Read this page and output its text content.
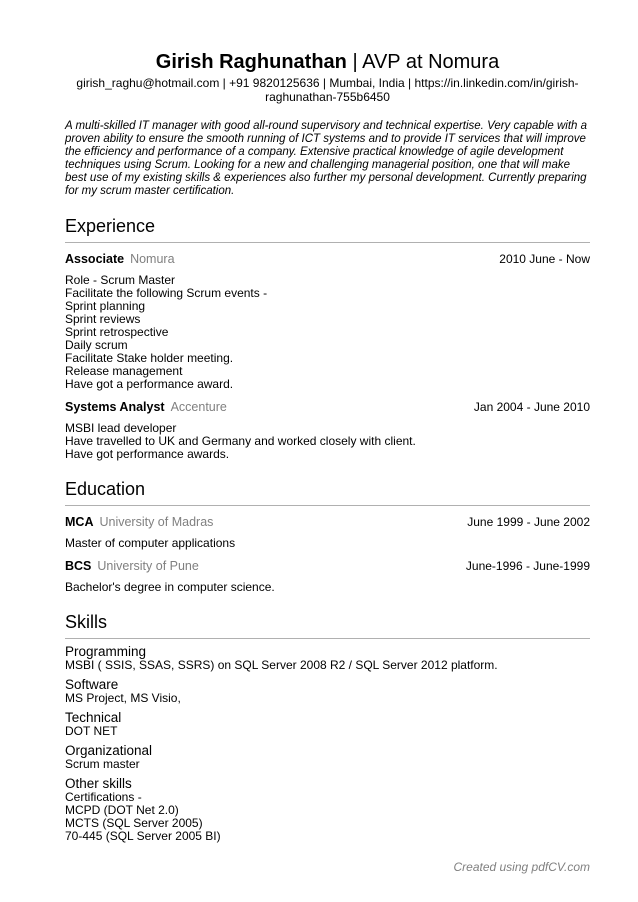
Girish Raghunathan | AVP at Nomura
girish_raghu@hotmail.com | +91 9820125636 | Mumbai, India | https://in.linkedin.com/in/girish-raghunathan-755b6450
A multi-skilled IT manager with good all-round supervisory and technical expertise. Very capable with a proven ability to ensure the smooth running of ICT systems and to provide IT services that will improve the efficiency and performance of a company. Extensive practical knowledge of agile development techniques using Scrum. Looking for a new and challenging managerial position, one that will make best use of my existing skills & experiences also further my personal development. Currently preparing for my scrum master certification.
Experience
Associate Nomura	2010 June - Now
Role - Scrum Master
Facilitate the following Scrum events -
Sprint planning
Sprint reviews
Sprint retrospective
Daily scrum
Facilitate Stake holder meeting.
Release management
Have got a performance award.
Systems Analyst Accenture	Jan 2004 - June 2010
MSBI lead developer
Have travelled to UK and Germany and worked closely with client.
Have got performance awards.
Education
MCA University of Madras	June 1999 - June 2002
Master of computer applications
BCS University of Pune	June-1996 - June-1999
Bachelor's degree in computer science.
Skills
Programming
MSBI ( SSIS, SSAS, SSRS) on SQL Server 2008 R2 / SQL Server 2012 platform.
Software
MS Project, MS Visio,
Technical
DOT NET
Organizational
Scrum master
Other skills
Certifications -
MCPD (DOT Net 2.0)
MCTS (SQL Server 2005)
70-445 (SQL Server 2005 BI)
Created using pdfCV.com
